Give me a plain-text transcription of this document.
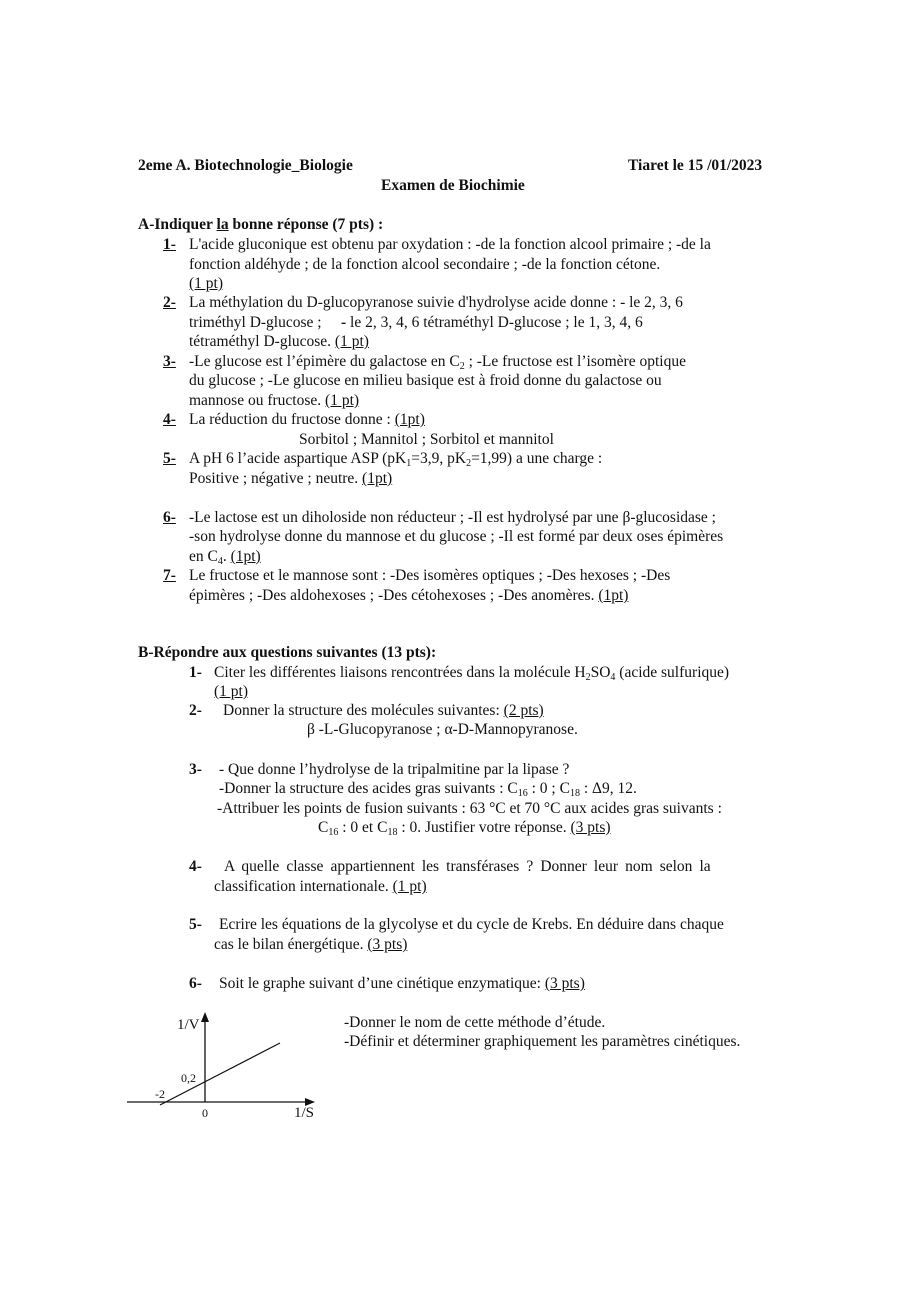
2eme A. Biotechnologie_Biologie	Tiaret le 15 /01/2023
Examen de Biochimie
A-Indiquer la bonne réponse (7 pts) :
1- L'acide gluconique est obtenu par oxydation : -de la fonction alcool primaire ; -de la
fonction aldéhyde ; de la fonction alcool secondaire ; -de la fonction cétone.
(1 pt)
2- La méthylation du D-glucopyranose suivie d'hydrolyse acide donne : - le 2, 3, 6
triméthyl D-glucose ; - le 2, 3, 4, 6 tétraméthyl D-glucose ; le 1, 3, 4, 6
tétraméthyl D-glucose. (1 pt)
3- -Le glucose est l’épimère du galactose en $C_2$ ; -Le fructose est l’isomère optique
du glucose ; -Le glucose en milieu basique est à froid donne du galactose ou
mannose ou fructose. (1 pt)
4- La réduction du fructose donne : (1pt)
Sorbitol ; Mannitol ; Sorbitol et mannitol
5- A pH 6 l’acide aspartique ASP ($pK_1=3,9$, $pK_2=1,99$) a une charge :
Positive ; négative ; neutre. (1pt)
6- -Le lactose est un diholoside non réducteur ; -Il est hydrolysé par une β-glucosidase ;
-son hydrolyse donne du mannose et du glucose ; -Il est formé par deux oses épimères
en $C_4$. (1pt)
7- Le fructose et le mannose sont : -Des isomères optiques ; -Des hexoses ; -Des
épimères ; -Des aldohexoses ; -Des cétohexoses ; -Des anomères. (1pt)
B-Répondre aux questions suivantes (13 pts):
1- Citer les différentes liaisons rencontrées dans la molécule $H_2SO_4$ (acide sulfurique)
(1 pt)
2- Donner la structure des molécules suivantes: (2 pts)
β -L-Glucopyranose ; α-D-Mannopyranose.
3- - Que donne l’hydrolyse de la tripalmitine par la lipase ?
-Donner la structure des acides gras suivants : $C_{16}$ : 0 ; $C_{18}$ : Δ9, 12.
-Attribuer les points de fusion suivants : 63 °C et 70 °C aux acides gras suivants :
$C_{16}$ : 0 et $C_{18}$ : 0. Justifier votre réponse. (3 pts)
4- A quelle classe appartiennent les transférases ? Donner leur nom selon la
classification internationale. (1 pt)
5- Ecrire les équations de la glycolyse et du cycle de Krebs. En déduire dans chaque
cas le bilan énergétique. (3 pts)
6- Soit le graphe suivant d’une cinétique enzymatique: (3 pts)
-Donner le nom de cette méthode d’étude.
-Définir et déterminer graphiquement les paramètres cinétiques.
1/V
1/S
0
0,2
-2
